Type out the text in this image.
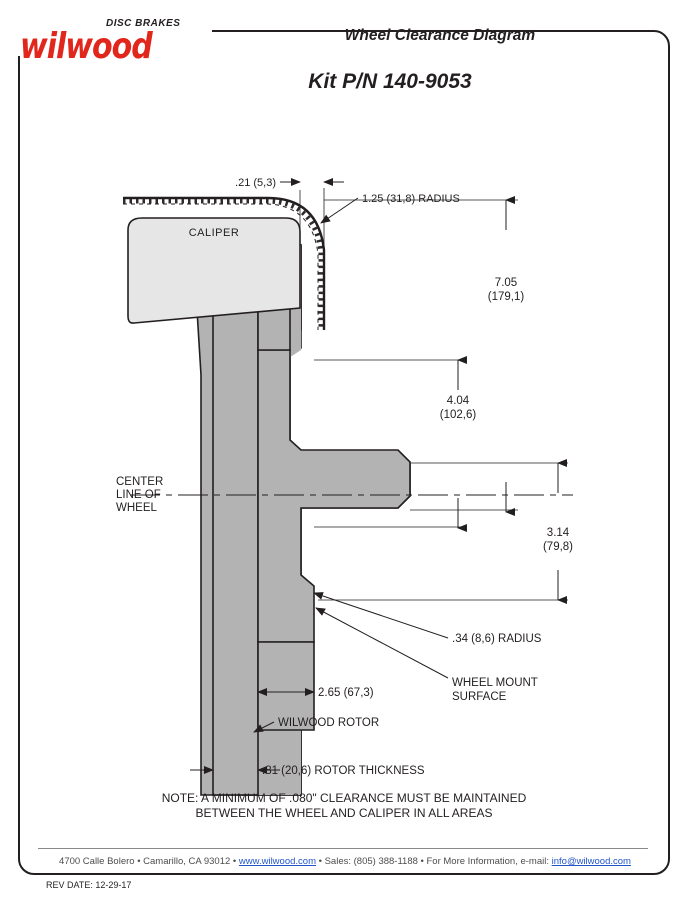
DISC BRAKES
wilwood	Wheel Clearance Diagram
Kit P/N 140-9053
CALIPER
.21 (5,3)
1.25 (31,8) RADIUS
7.05
(179,1)
4.04
(102,6)
3.14
(79,8)
CENTER
LINE OF
WHEEL
.34 (8,6) RADIUS
WHEEL MOUNT
SURFACE
2.65 (67,3)
WILWOOD ROTOR
.81 (20,6) ROTOR THICKNESS
NOTE: A MINIMUM OF .080" CLEARANCE MUST BE MAINTAINED
BETWEEN THE WHEEL AND CALIPER IN ALL AREAS
4700 Calle Bolero • Camarillo, CA 93012 • www.wilwood.com • Sales: (805) 388-1188 • For More Information, e-mail: info@wilwood.com
REV DATE: 12-29-17
